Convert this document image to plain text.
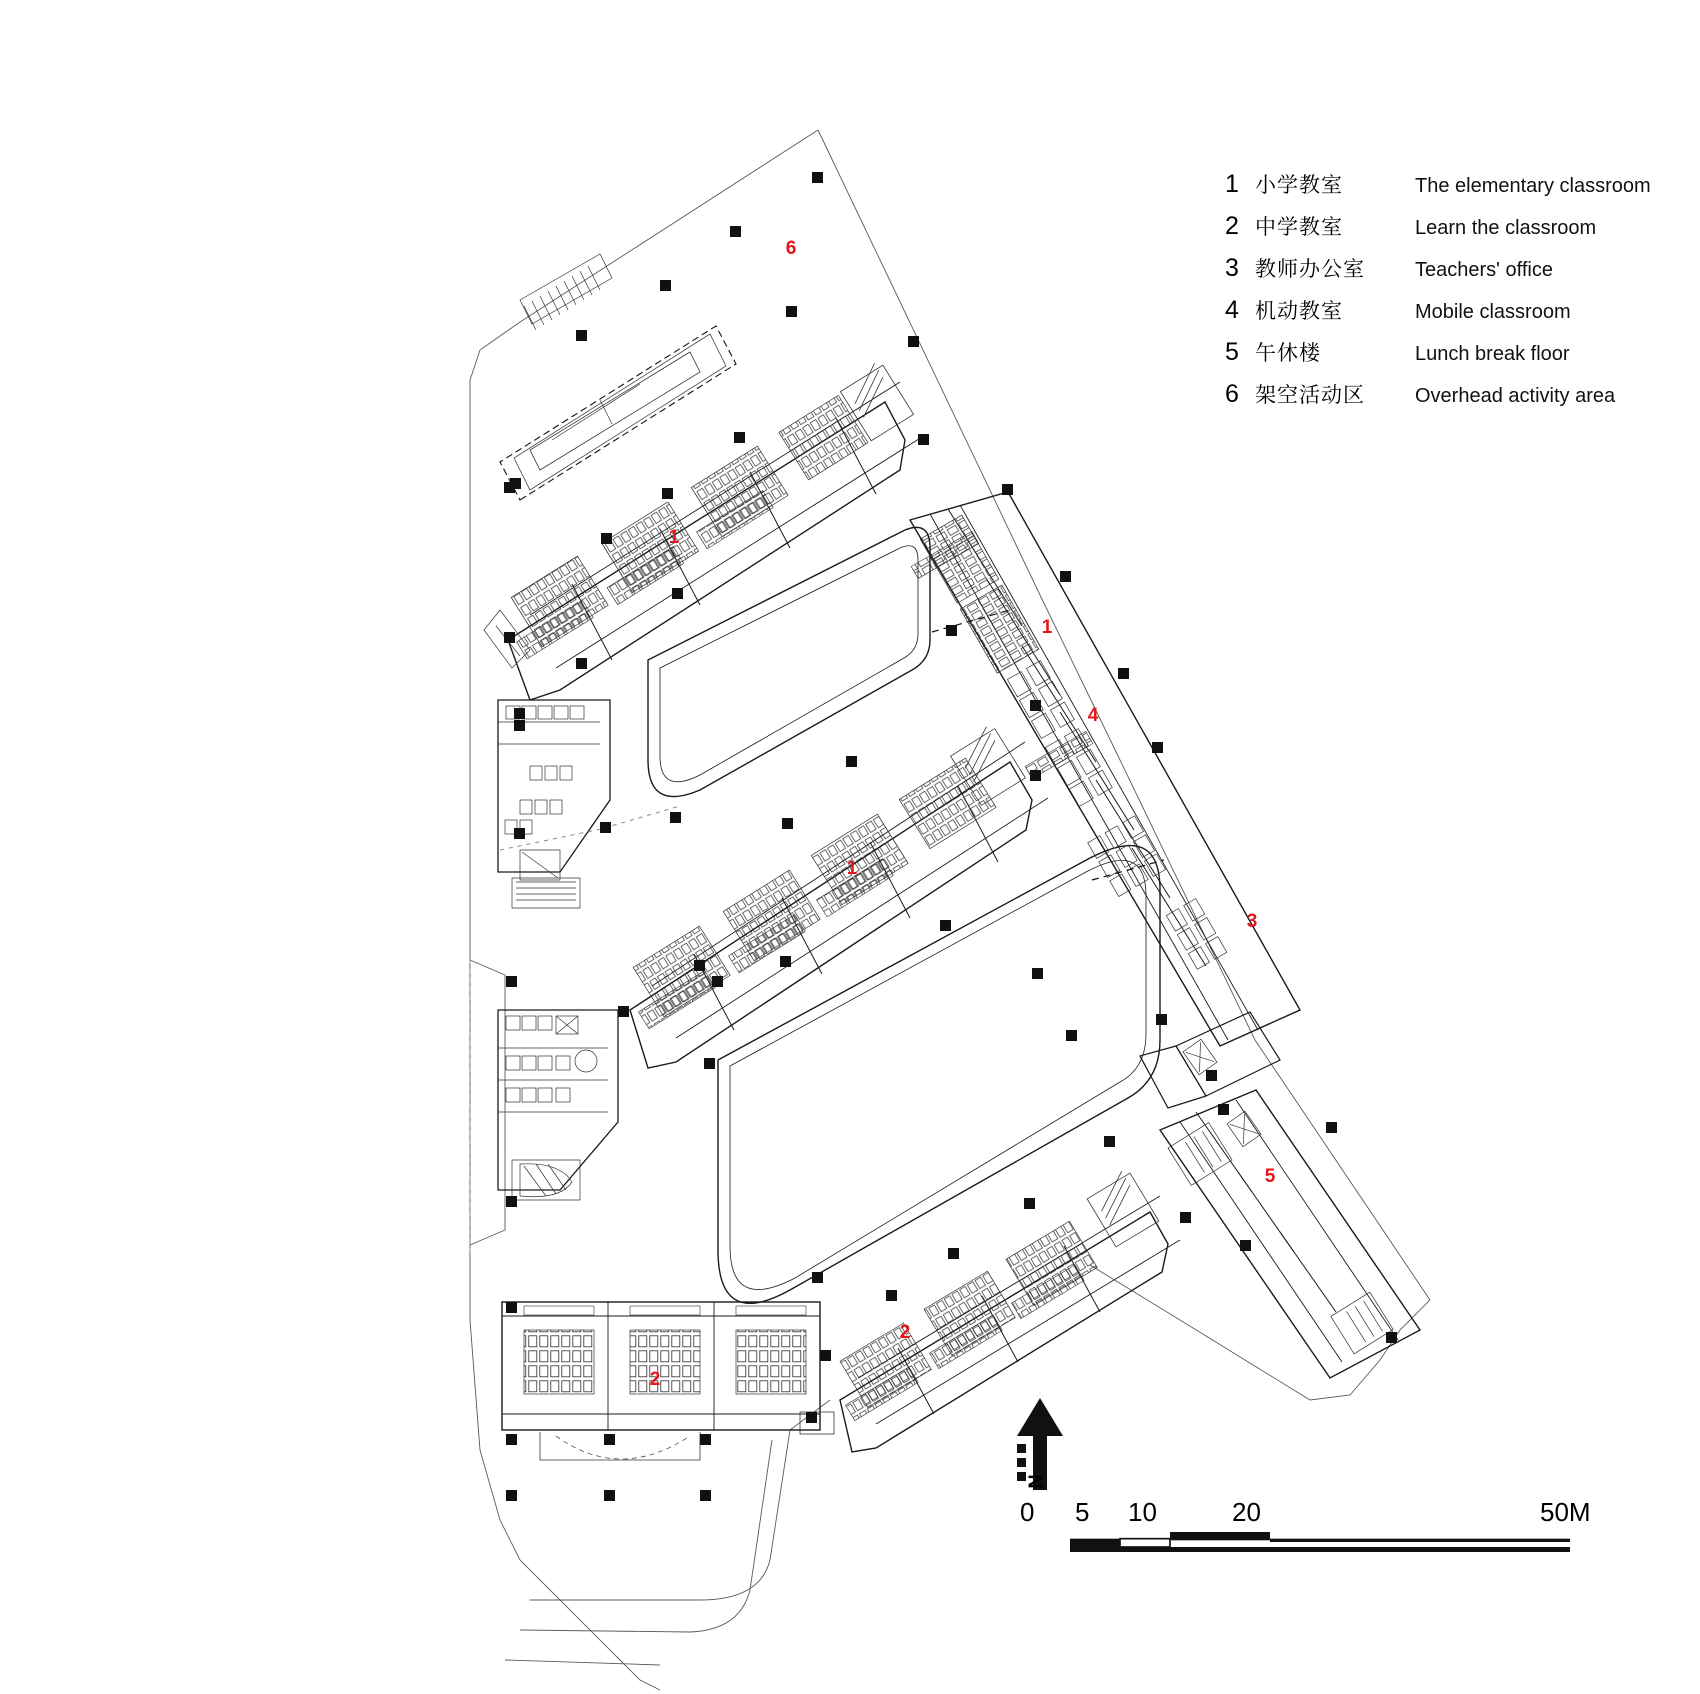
1 小学教室	The elementary classroom
2 中学教室	Learn the classroom
3 教师办公室	Teachers' office
4 机动教室	Mobile classroom
5 午休楼	Lunch break floor
6 架空活动区	Overhead activity area
6
1
1
4
1
3
5
2
2
N
0 5 10	20	50M
